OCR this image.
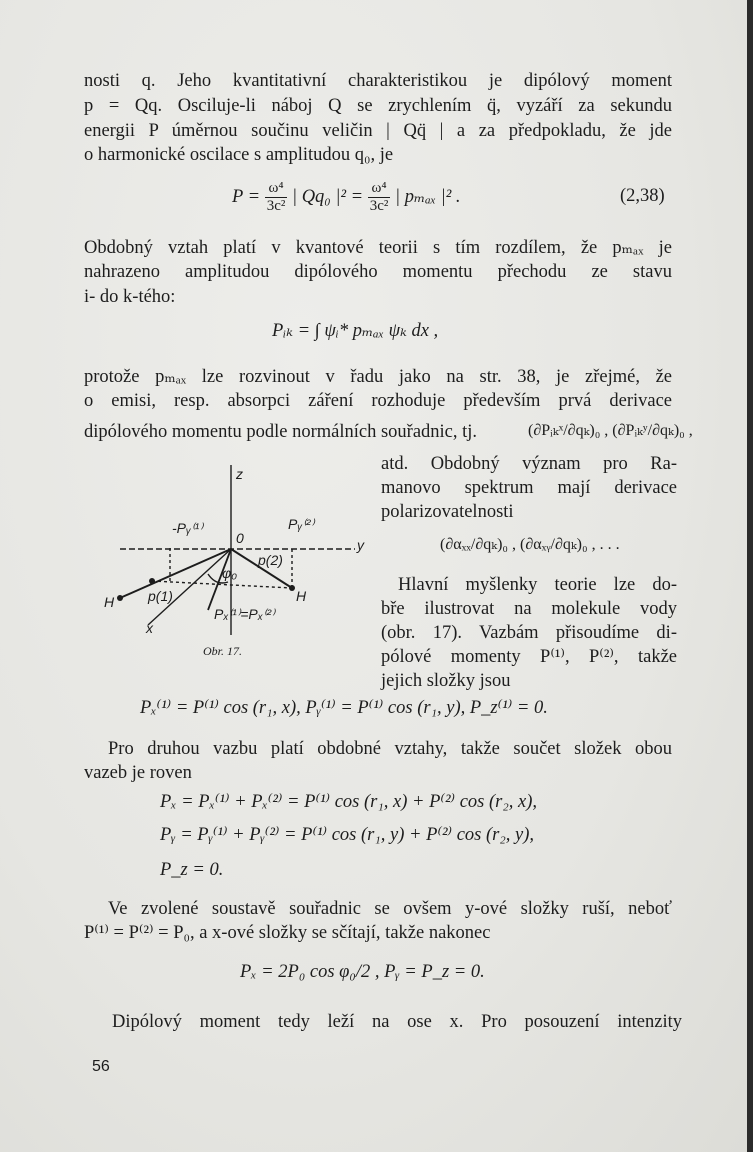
nosti q. Jeho kvantitativní charakteristikou je dipólový moment
p = Qq. Osciluje-li náboj Q se zrychlením q̈, vyzáří za sekundu
energii P úměrnou součinu veličin | Qq̈ | a za předpokladu, že jde
o harmonické oscilace s amplitudou q₀, je
$P = \frac{\text{ω⁴}}{\text{3c²}}$ | Qq₀ $|^2 = \frac{\text{ω⁴}}{\text{3c²}}$ | pₘₐₓ |² .	(2,38)
Obdobný vztah platí v kvantové teorii s tím rozdílem, že pₘₐₓ je
nahrazeno amplitudou dipólového momentu přechodu ze stavu
i- do k-tého:
Pᵢₖ = ∫ ψᵢ* pₘₐₓ ψₖ dx ,
protože pₘₐₓ lze rozvinout v řadu jako na str. 38, je zřejmé, že
o emisi, resp. absorpci záření rozhoduje především prvá derivace
dipólového momentu podle normálních souřadnic, tj.	(∂Pᵢₖˣ/∂qₖ)₀ , (∂Pᵢₖʸ/∂qₖ)₀ ,
atd. Obdobný význam pro Ra-
manovo spektrum mají derivace
polarizovatelnosti
(∂αₓₓ/∂qₖ)₀ , (∂αₓᵧ/∂qₖ)₀ , . . .
Hlavní myšlenky teorie lze do-
bře ilustrovat na molekule vody
(obr. 17). Vazbám přisoudíme di-
pólové momenty P⁽¹⁾, P⁽²⁾, takže
jejich složky jsou
z
y
x
0
H	H
-Pᵧ⁽¹⁾	Pᵧ⁽²⁾
p(1)
p(2)
φ₀
Pₓ⁽¹⁾=Pₓ⁽²⁾
Obr. 17.
Pₓ⁽¹⁾ = P⁽¹⁾ cos (r₁, x), Pᵧ⁽¹⁾ = P⁽¹⁾ cos (r₁, y), P_z⁽¹⁾ = 0.
Pro druhou vazbu platí obdobné vztahy, takže součet složek obou
vazeb je roven
Pₓ = Pₓ⁽¹⁾ + Pₓ⁽²⁾ = P⁽¹⁾ cos (r₁, x) + P⁽²⁾ cos (r₂, x),
Pᵧ = Pᵧ⁽¹⁾ + Pᵧ⁽²⁾ = P⁽¹⁾ cos (r₁, y) + P⁽²⁾ cos (r₂, y),
P_z = 0.
Ve zvolené soustavě souřadnic se ovšem y-ové složky ruší, neboť
P⁽¹⁾ = P⁽²⁾ = P₀, a x-ové složky se sčítají, takže nakonec
Pₓ = 2P₀ cos φ₀/2 , Pᵧ = P_z = 0.
Dipólový moment tedy leží na ose x. Pro posouzení intenzity
56
